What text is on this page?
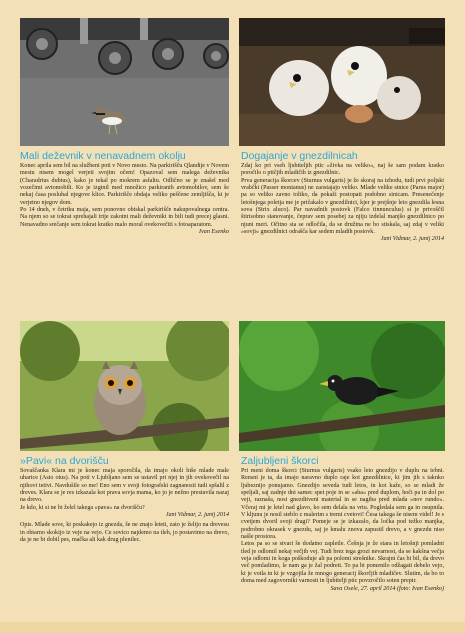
Mali deževnik v nenavadnem okolju

Konec aprila sem bil na službeni poti v Novo mesto. Na parkirišču Qlandije v Novem mestu nisem mogel verjeti svojim očem! Opazoval sem malega deževnika (Charadrius dubius), kako je tekal po mokrem asfaltu. Odlično se je znašel med vozečimi avtomobili. Ko je izginil med množico parkiranih avtomobilov, sem še nekaj časa posluhal njegove klice. Parkirišče obdaja veliko peščene zemljišča, ki je verjetno njegov dom.

Po 14 dneh, v četrtku maja, sem ponovno obiskal parkirišče nakupovalnega centra. Na njem so se tokrat sprehajali trije zakotni mali deževniki in bili tudi precej glasni. Nenavadno srečanje sem tokrat kratko malo moral ovekovečiti s fotoaparatom.

Ivan Esenko

Dogajanje v gnezdilnicah

Zdaj ko pri vseh ljubiteljih ptic »živka na veliko«, naj še sam podam kratko poročilo o ptičjih mladičih iz gnezdilnic.

Prva generacija škorcev (Sturnus vulgaris) je že skoraj na izhodu, tudi prvi poljski vrabčki (Passer montanus) ne zaostajajo veliko. Mlade velike sinice (Parus major) pa so veliko zavno toliko, da pokaži postopati podobno sinicam. Presenečenje letošnjega poletja me je pričakalo v gnezdilnici, kjer je prejšnje leto gnezdila lesna sova (Strix aluco). Par navadnih postovk (Falco tinnunculus) si je privoščil štirisobno stanovanje, čeprav sem posebej za njiju izdelal manjšo gnezdilnico po njuni meri. Očitno sta se odločila, da se družina ne bo stiskala, saj zdaj v veliki »sovji« gnezdilnici odrašča kar sedem mladih postovk.

Jani Vidmar, 2. junij 2014

»Pavi« na dvorišču

Sovaščanka Klara mi je konec maja sporočila, da imajo okoli hiše mlade male uharice (Asio otus). Na poti v Ljubljano sem se ustavil pri njej in jih ovekovečil na njihovi tetivi. Navdušile so me! Eno sem v svoji fotografski zagnanosti tudi spšalil z dreves. Klara se je res izkazala kot prava sovja mama, ko jo je nežno prestavila nazaj na drevo.

Je kdo, ki si ne bi želel takega »pava« na dvorišču?

Jani Vidmar, 2. junij 2014

Opis. Mlade sove, ki poskakejo iz gnezda, še ne znajo leteti, zato je želijo na drevesu in obtarno skokijo iz veje na vejo. Ce sovico najdemo na tleh, jo postavimo na drevo, da je ne bi dobil pes, mačka ali kak drug plenilec.

Zaljubljeni škorci

Pri meni doma škorci (Sturnus vulgaris) vsako leto gnezdijo v duplu na tebni. Rensni je ta, da imajo naravno duplo raje kot gnezdilnice, ki jim jih s taknko ljubeznijo ponujamo. Gnezdijo seveda tudi letos, in kot kaže, so se mladi že speljali, saj zadnje dni samec spet poje in se »aba« pred duplom, hoči pa in dol po veji, raznaša, nosi gnezditveni material in se nagiba pred mlada »nov rundo«. Včeraj mi je letel nad glavo, ko sem delala na vrtu. Pogledala sem ga in osupnila. V kljunu je nosil steblo z malerim s tremi cvetovi! Česa takega še nisem videl! Je s cvetjem dvoril svoji dragi? Pomeje se je izkazalo, da ločka pod težko manjka, podrobno okrasek v gnezdu, saj je kmalu znova zapustil drevo, a v gnezdu niso našle prostora.

Letos pa so se stvari še dodatno zapletle. Češnja je že stara in letošnji pomladni tled je odlomil nekaj večjih vej. Tudi brez tega grozi nevarnost, da se kakšna večja veja odlomi in koga poškoduje ali pa polomi strešnike. Skrajni čas bi bil, da drevo več pomladimo, le nam ga je žal podreti. To pa bi pomenilo odžagati debelo vejo, ki je votla in ki je vzgojila že mnogo generacij škorčjih mladičev. Slutim, da bo to doma med zagovorniki varnosti in ljubitelji ptic povzročilo soten prepir.

Sava Osele, 27. april 2014 (foto: Ivan Esenko)
